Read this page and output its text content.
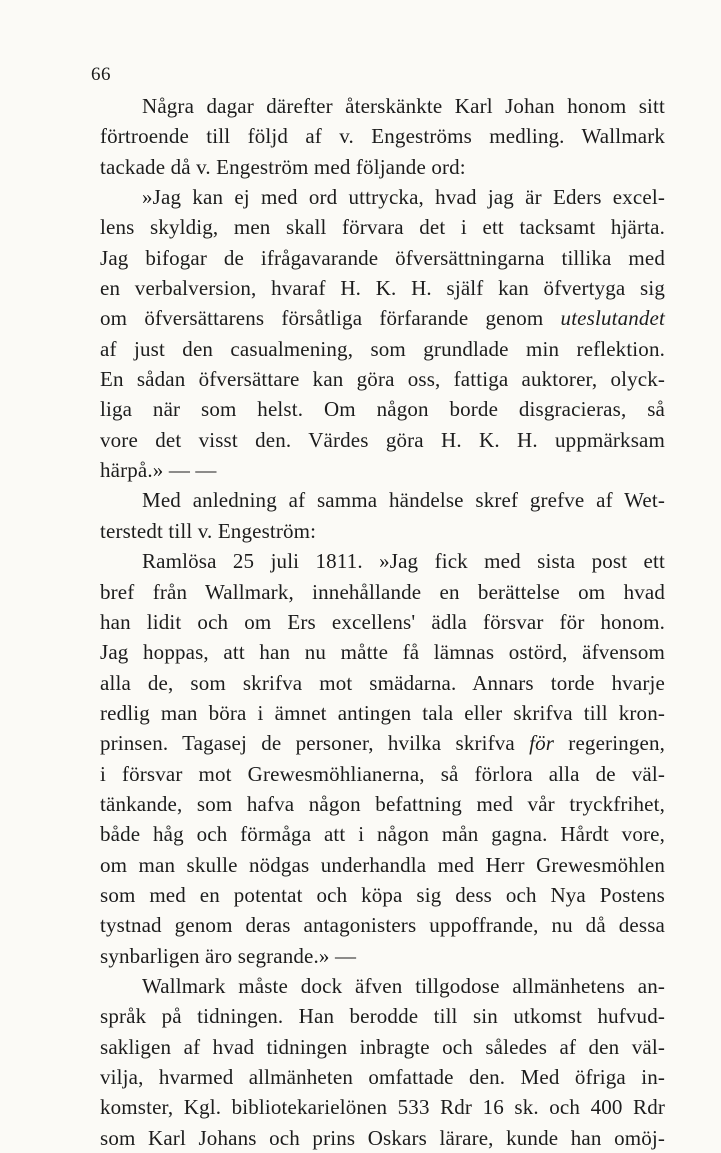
66
Några dagar därefter återskänkte Karl Johan honom sitt
förtroende till följd af v. Engeströms medling. Wallmark
tackade då v. Engeström med följande ord:
»Jag kan ej med ord uttrycka, hvad jag är Eders excel-
lens skyldig, men skall förvara det i ett tacksamt hjärta.
Jag bifogar de ifrågavarande öfversättningarna tillika med
en verbalversion, hvaraf H. K. H. själf kan öfvertyga sig
om öfversättarens försåtliga förfarande genom uteslutandet
af just den casualmening, som grundlade min reflektion.
En sådan öfversättare kan göra oss, fattiga auktorer, olyck-
liga när som helst. Om någon borde disgracieras, så
vore det visst den. Värdes göra H. K. H. uppmärksam
härpå.» — —
Med anledning af samma händelse skref grefve af Wet-
terstedt till v. Engeström:
Ramlösa 25 juli 1811. »Jag fick med sista post ett
bref från Wallmark, innehållande en berättelse om hvad
han lidit och om Ers excellens' ädla försvar för honom.
Jag hoppas, att han nu måtte få lämnas ostörd, äfvensom
alla de, som skrifva mot smädarna. Annars torde hvarje
redlig man böra i ämnet antingen tala eller skrifva till kron-
prinsen. Tagasej de personer, hvilka skrifva för regeringen,
i försvar mot Grewesmöhlianerna, så förlora alla de väl-
tänkande, som hafva någon befattning med vår tryckfrihet,
både håg och förmåga att i någon mån gagna. Hårdt vore,
om man skulle nödgas underhandla med Herr Grewesmöhlen
som med en potentat och köpa sig dess och Nya Postens
tystnad genom deras antagonisters uppoffrande, nu då dessa
synbarligen äro segrande.» —
Wallmark måste dock äfven tillgodose allmänhetens an-
språk på tidningen. Han berodde till sin utkomst hufvud-
sakligen af hvad tidningen inbragte och således af den väl-
vilja, hvarmed allmänheten omfattade den. Med öfriga in-
komster, Kgl. bibliotekarielönen 533 Rdr 16 sk. och 400 Rdr
som Karl Johans och prins Oskars lärare, kunde han omöj-
